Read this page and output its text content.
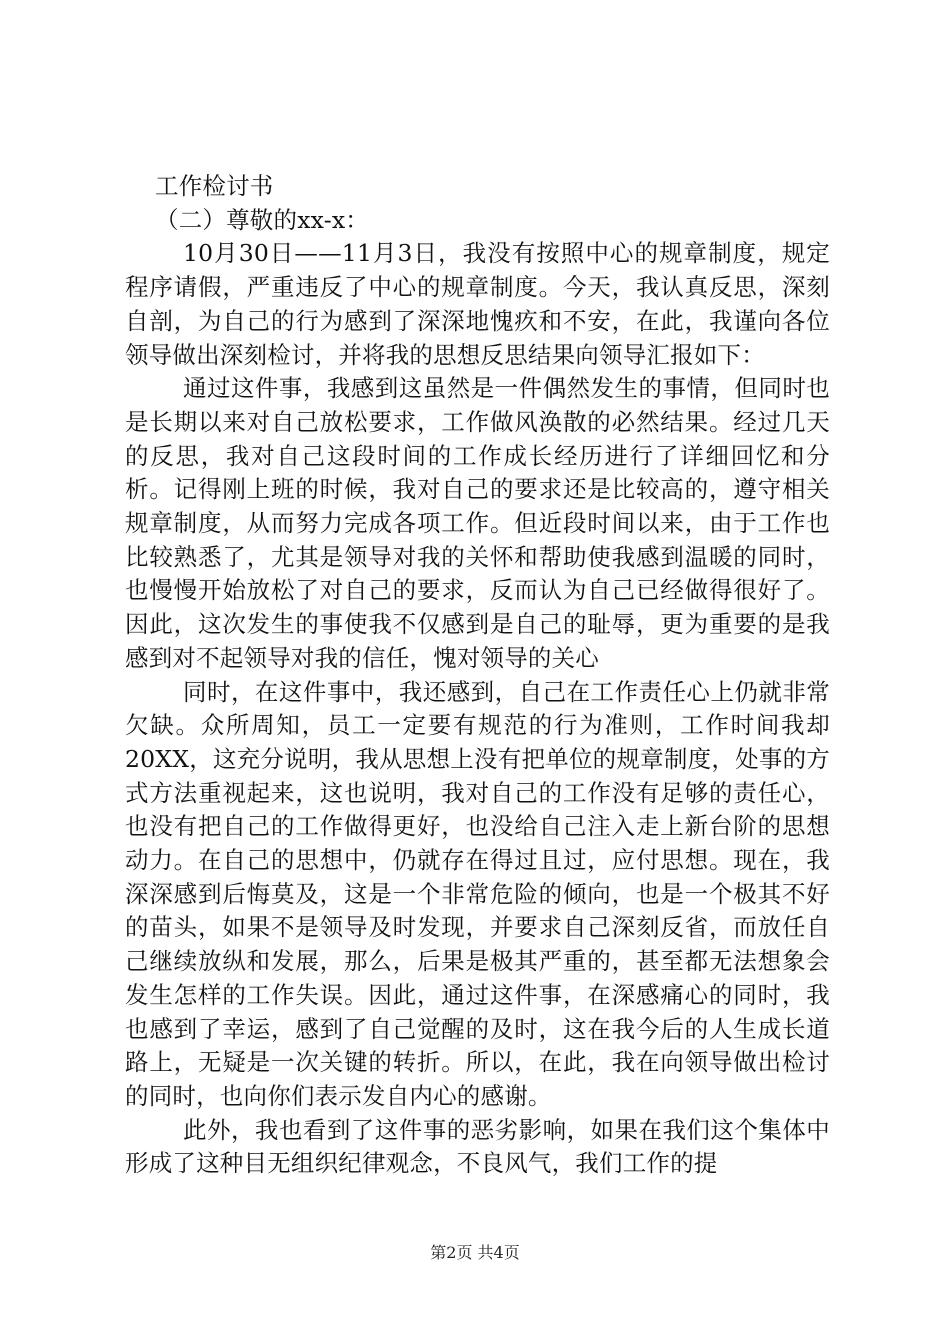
工作检讨书

（二）尊敬的xx-x：

10月30日——11月3日，我没有按照中心的规章制度，规定程序请假，严重违反了中心的规章制度。今天，我认真反思，深刻自剖，为自己的行为感到了深深地愧疚和不安，在此，我谨向各位领导做出深刻检讨，并将我的思想反思结果向领导汇报如下：

通过这件事，我感到这虽然是一件偶然发生的事情，但同时也是长期以来对自己放松要求，工作做风涣散的必然结果。经过几天的反思，我对自己这段时间的工作成长经历进行了详细回忆和分析。记得刚上班的时候，我对自己的要求还是比较高的，遵守相关规章制度，从而努力完成各项工作。但近段时间以来，由于工作也比较熟悉了，尤其是领导对我的关怀和帮助使我感到温暖的同时，也慢慢开始放松了对自己的要求，反而认为自己已经做得很好了。因此，这次发生的事使我不仅感到是自己的耻辱，更为重要的是我感到对不起领导对我的信任，愧对领导的关心

同时，在这件事中，我还感到，自己在工作责任心上仍就非常欠缺。众所周知，员工一定要有规范的行为准则，工作时间我却20XX，这充分说明，我从思想上没有把单位的规章制度，处事的方式方法重视起来，这也说明，我对自己的工作没有足够的责任心，也没有把自己的工作做得更好，也没给自己注入走上新台阶的思想动力。在自己的思想中，仍就存在得过且过，应付思想。现在，我深深感到后悔莫及，这是一个非常危险的倾向，也是一个极其不好的苗头，如果不是领导及时发现，并要求自己深刻反省，而放任自己继续放纵和发展，那么，后果是极其严重的，甚至都无法想象会发生怎样的工作失误。因此，通过这件事，在深感痛心的同时，我也感到了幸运，感到了自己觉醒的及时，这在我今后的人生成长道路上，无疑是一次关键的转折。所以，在此，我在向领导做出检讨的同时，也向你们表示发自内心的感谢。

此外，我也看到了这件事的恶劣影响，如果在我们这个集体中形成了这种目无组织纪律观念，不良风气，我们工作的提

第2页 共4页
